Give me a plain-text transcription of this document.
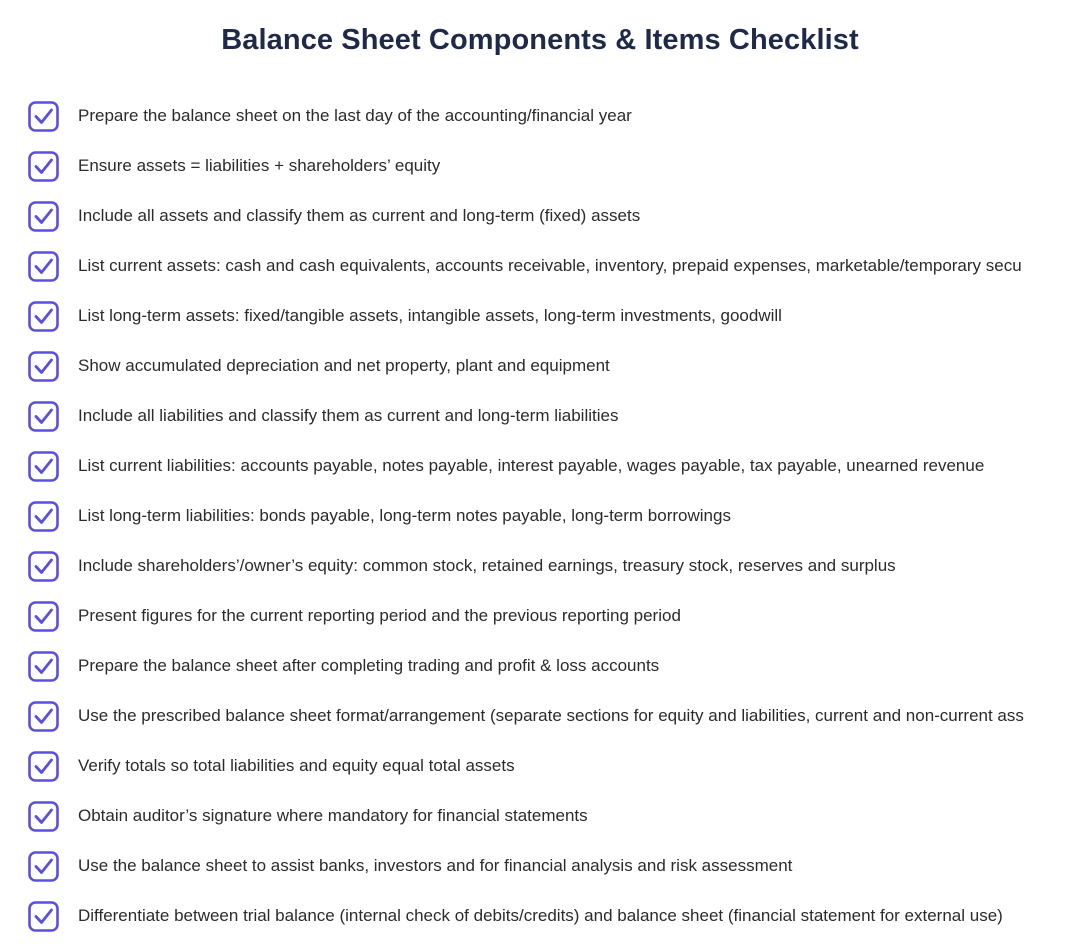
Balance Sheet Components & Items Checklist
Prepare the balance sheet on the last day of the accounting/financial year
Ensure assets = liabilities + shareholders’ equity
Include all assets and classify them as current and long-term (fixed) assets
List current assets: cash and cash equivalents, accounts receivable, inventory, prepaid expenses, marketable/temporary secu
List long-term assets: fixed/tangible assets, intangible assets, long-term investments, goodwill
Show accumulated depreciation and net property, plant and equipment
Include all liabilities and classify them as current and long-term liabilities
List current liabilities: accounts payable, notes payable, interest payable, wages payable, tax payable, unearned revenue
List long-term liabilities: bonds payable, long-term notes payable, long-term borrowings
Include shareholders’/owner’s equity: common stock, retained earnings, treasury stock, reserves and surplus
Present figures for the current reporting period and the previous reporting period
Prepare the balance sheet after completing trading and profit & loss accounts
Use the prescribed balance sheet format/arrangement (separate sections for equity and liabilities, current and non-current ass
Verify totals so total liabilities and equity equal total assets
Obtain auditor’s signature where mandatory for financial statements
Use the balance sheet to assist banks, investors and for financial analysis and risk assessment
Differentiate between trial balance (internal check of debits/credits) and balance sheet (financial statement for external use)
